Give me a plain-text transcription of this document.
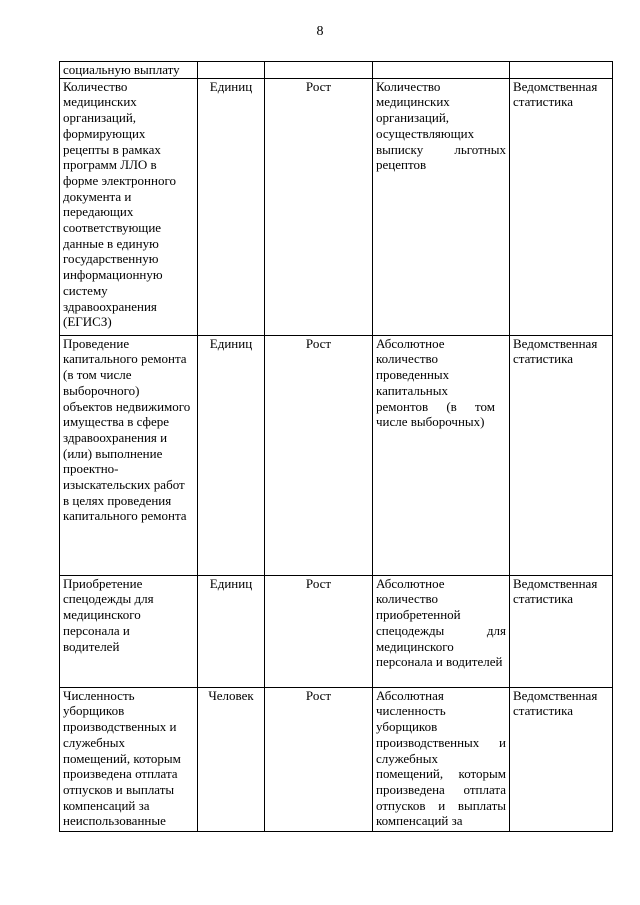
8
социальную выплату				
Количество медицинских организаций, формирующих рецепты в рамках программ ЛЛО в форме электронного документа и передающих соответствующие данные в единую государственную информационную систему здравоохранения (ЕГИСЗ)	Единиц	Рост	Количество медицинских организаций, осуществляющих выписку льготных рецептов	Ведомственная статистика
Проведение капитального ремонта (в том числе выборочного) объектов недвижимого имущества в сфере здравоохранения и (или) выполнение проектно-изыскательских работ в целях проведения капитального ремонта	Единиц	Рост	Абсолютное количество проведенных капитальных ремонтов (в том числе выборочных)	Ведомственная статистика
Приобретение спецодежды для медицинского персонала и водителей	Единиц	Рост	Абсолютное количество приобретенной спецодежды для медицинского персонала и водителей	Ведомственная статистика
Численность уборщиков производственных и служебных помещений, которым произведена отплата отпусков и выплаты компенсаций за неиспользованные	Человек	Рост	Абсолютная численность уборщиков производственных и служебных помещений, которым произведена отплата отпусков и выплаты компенсаций за	Ведомственная статистика
